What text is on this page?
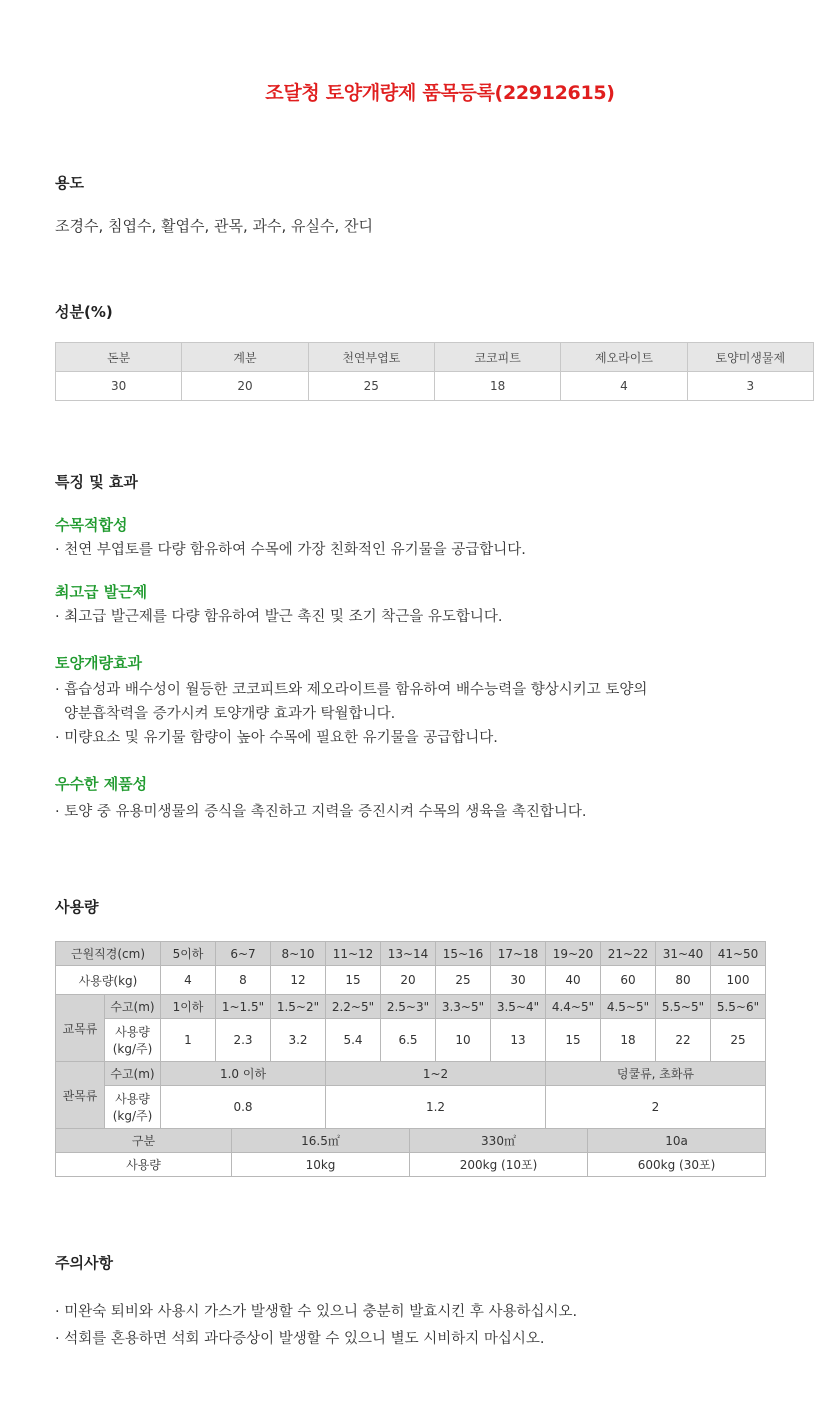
조달청 토양개량제 품목등록(22912615)
용도
조경수, 침엽수, 활엽수, 관목, 과수, 유실수, 잔디
성분(%)
돈분	계분	천연부엽토	코코피트	제오라이트	토양미생물제
30	20	25	18	4	3
특징 및 효과
수목적합성
· 천연 부엽토를 다량 함유하여 수목에 가장 친화적인 유기물을 공급합니다.
최고급 발근제
· 최고급 발근제를 다량 함유하여 발근 촉진 및 조기 착근을 유도합니다.
토양개량효과
· 흡습성과 배수성이 월등한 코코피트와 제오라이트를 함유하여 배수능력을 향상시키고 토양의
양분흡착력을 증가시켜 토양개량 효과가 탁월합니다.
· 미량요소 및 유기물 함량이 높아 수목에 필요한 유기물을 공급합니다.
우수한 제품성
· 토양 중 유용미생물의 증식을 촉진하고 지력을 증진시켜 수목의 생육을 촉진합니다.
사용량
근원직경(cm)		5이하	6~7	8~10	11~12	13~14	15~16	17~18	19~20	21~22	31~40	41~50
사용량(kg)		4	8	12	15	20	25	30	40	60	80	100
교목류	수고(m)	1이하	1~1.5"	1.5~2"	2.2~5"	2.5~3"	3.3~5"	3.5~4"	4.4~5"	4.5~5"	5.5~5"	5.5~6"
	사용량 (kg/주)	1	2.3	3.2	5.4	6.5	10	13	15	18	22	25
관목류	수고(m)	1.0 이하			1~2				덩쿨류, 초화류			
	사용량 (kg/주)	0.8			1.2				2			
구분	16.5㎡	330㎡	10a
사용량	10kg	200kg (10포)	600kg (30포)
주의사항
· 미완숙 퇴비와 사용시 가스가 발생할 수 있으니 충분히 발효시킨 후 사용하십시오.
· 석회를 혼용하면 석회 과다증상이 발생할 수 있으니 별도 시비하지 마십시오.
